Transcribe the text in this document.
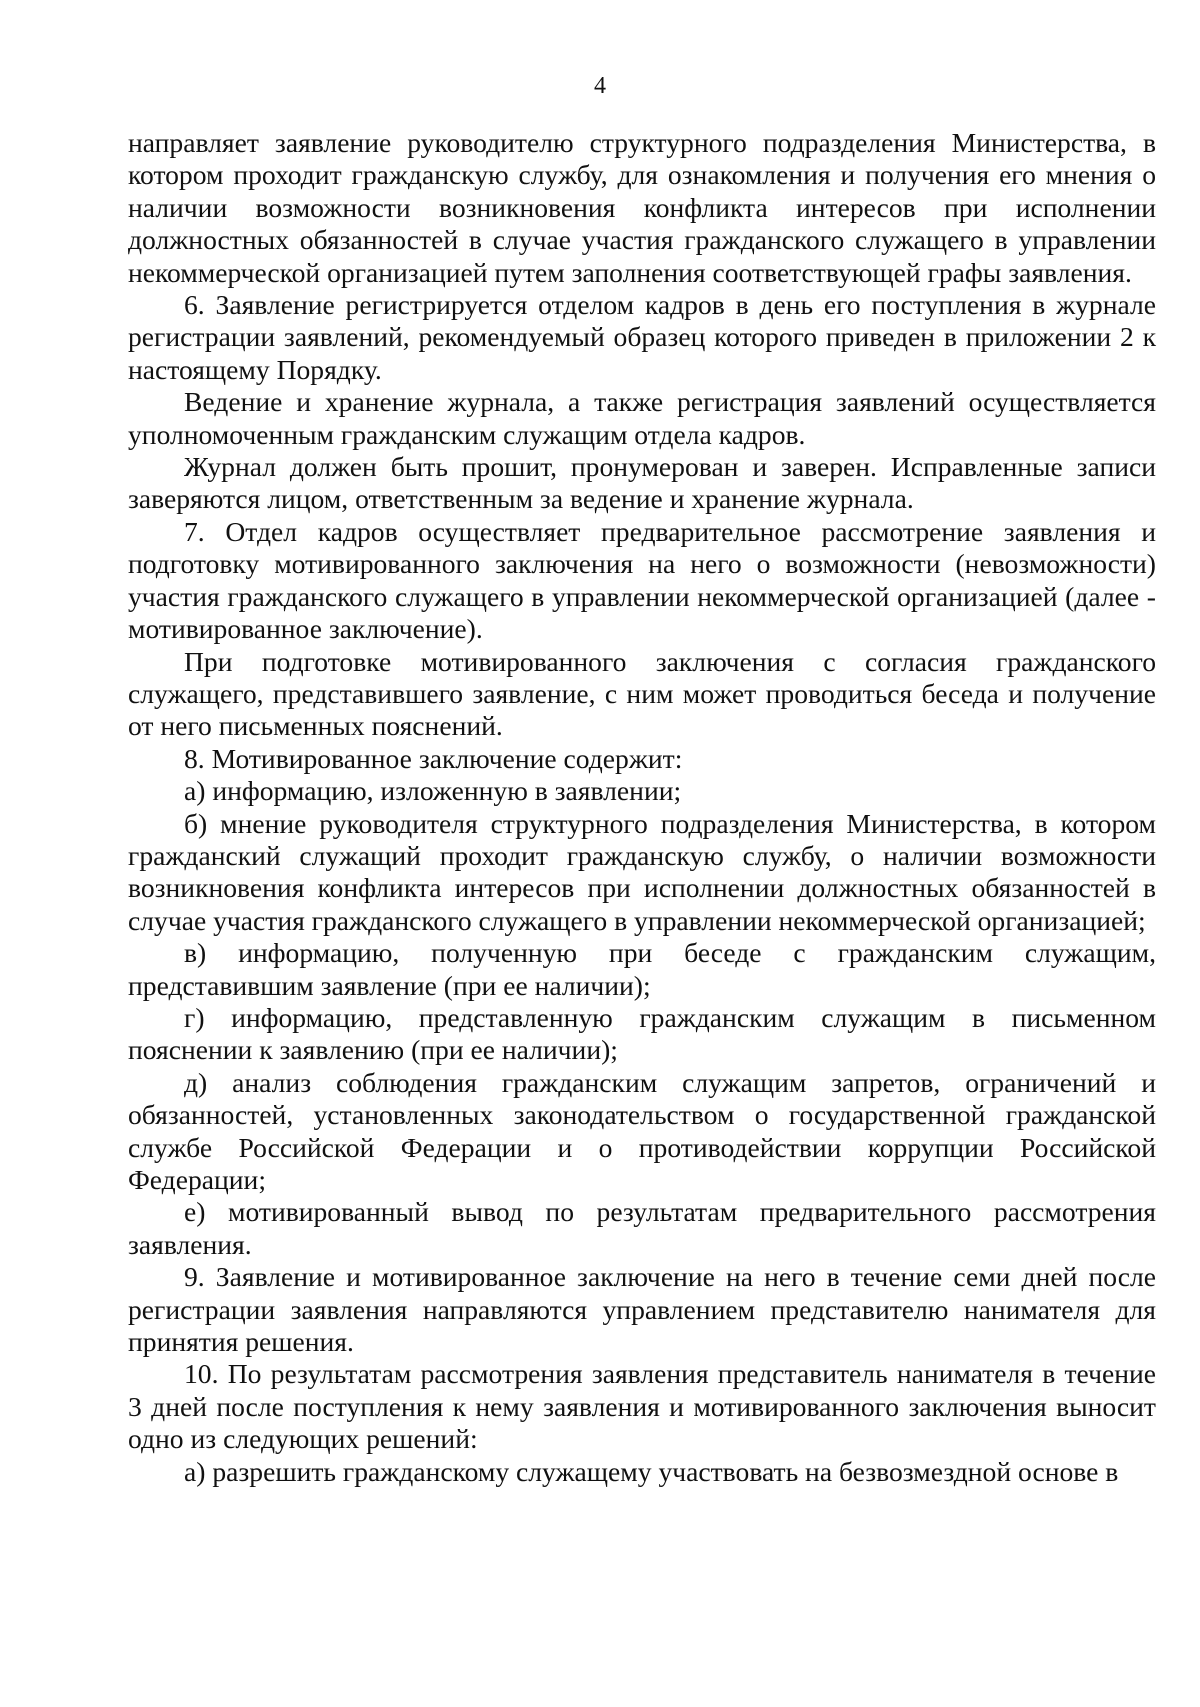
4

направляет заявление руководителю структурного подразделения Министерства, в котором проходит гражданскую службу, для ознакомления и получения его мнения о наличии возможности возникновения конфликта интересов при исполнении должностных обязанностей в случае участия гражданского служащего в управлении некоммерческой организацией путем заполнения соответствующей графы заявления.

6. Заявление регистрируется отделом кадров в день его поступления в журнале регистрации заявлений, рекомендуемый образец которого приведен в приложении 2 к настоящему Порядку.

Ведение и хранение журнала, а также регистрация заявлений осуществляется уполномоченным гражданским служащим отдела кадров.

Журнал должен быть прошит, пронумерован и заверен. Исправленные записи заверяются лицом, ответственным за ведение и хранение журнала.

7. Отдел кадров осуществляет предварительное рассмотрение заявления и подготовку мотивированного заключения на него о возможности (невозможности) участия гражданского служащего в управлении некоммерческой организацией (далее - мотивированное заключение).

При подготовке мотивированного заключения с согласия гражданского служащего, представившего заявление, с ним может проводиться беседа и получение от него письменных пояснений.

8. Мотивированное заключение содержит:

а) информацию, изложенную в заявлении;

б) мнение руководителя структурного подразделения Министерства, в котором гражданский служащий проходит гражданскую службу, о наличии возможности возникновения конфликта интересов при исполнении должностных обязанностей в случае участия гражданского служащего в управлении некоммерческой организацией;

в) информацию, полученную при беседе с гражданским служащим, представившим заявление (при ее наличии);

г) информацию, представленную гражданским служащим в письменном пояснении к заявлению (при ее наличии);

д) анализ соблюдения гражданским служащим запретов, ограничений и обязанностей, установленных законодательством о государственной гражданской службе Российской Федерации и о противодействии коррупции Российской Федерации;

е) мотивированный вывод по результатам предварительного рассмотрения заявления.

9. Заявление и мотивированное заключение на него в течение семи дней после регистрации заявления направляются управлением представителю нанимателя для принятия решения.

10. По результатам рассмотрения заявления представитель нанимателя в течение 3 дней после поступления к нему заявления и мотивированного заключения выносит одно из следующих решений:

а) разрешить гражданскому служащему участвовать на безвозмездной основе в
